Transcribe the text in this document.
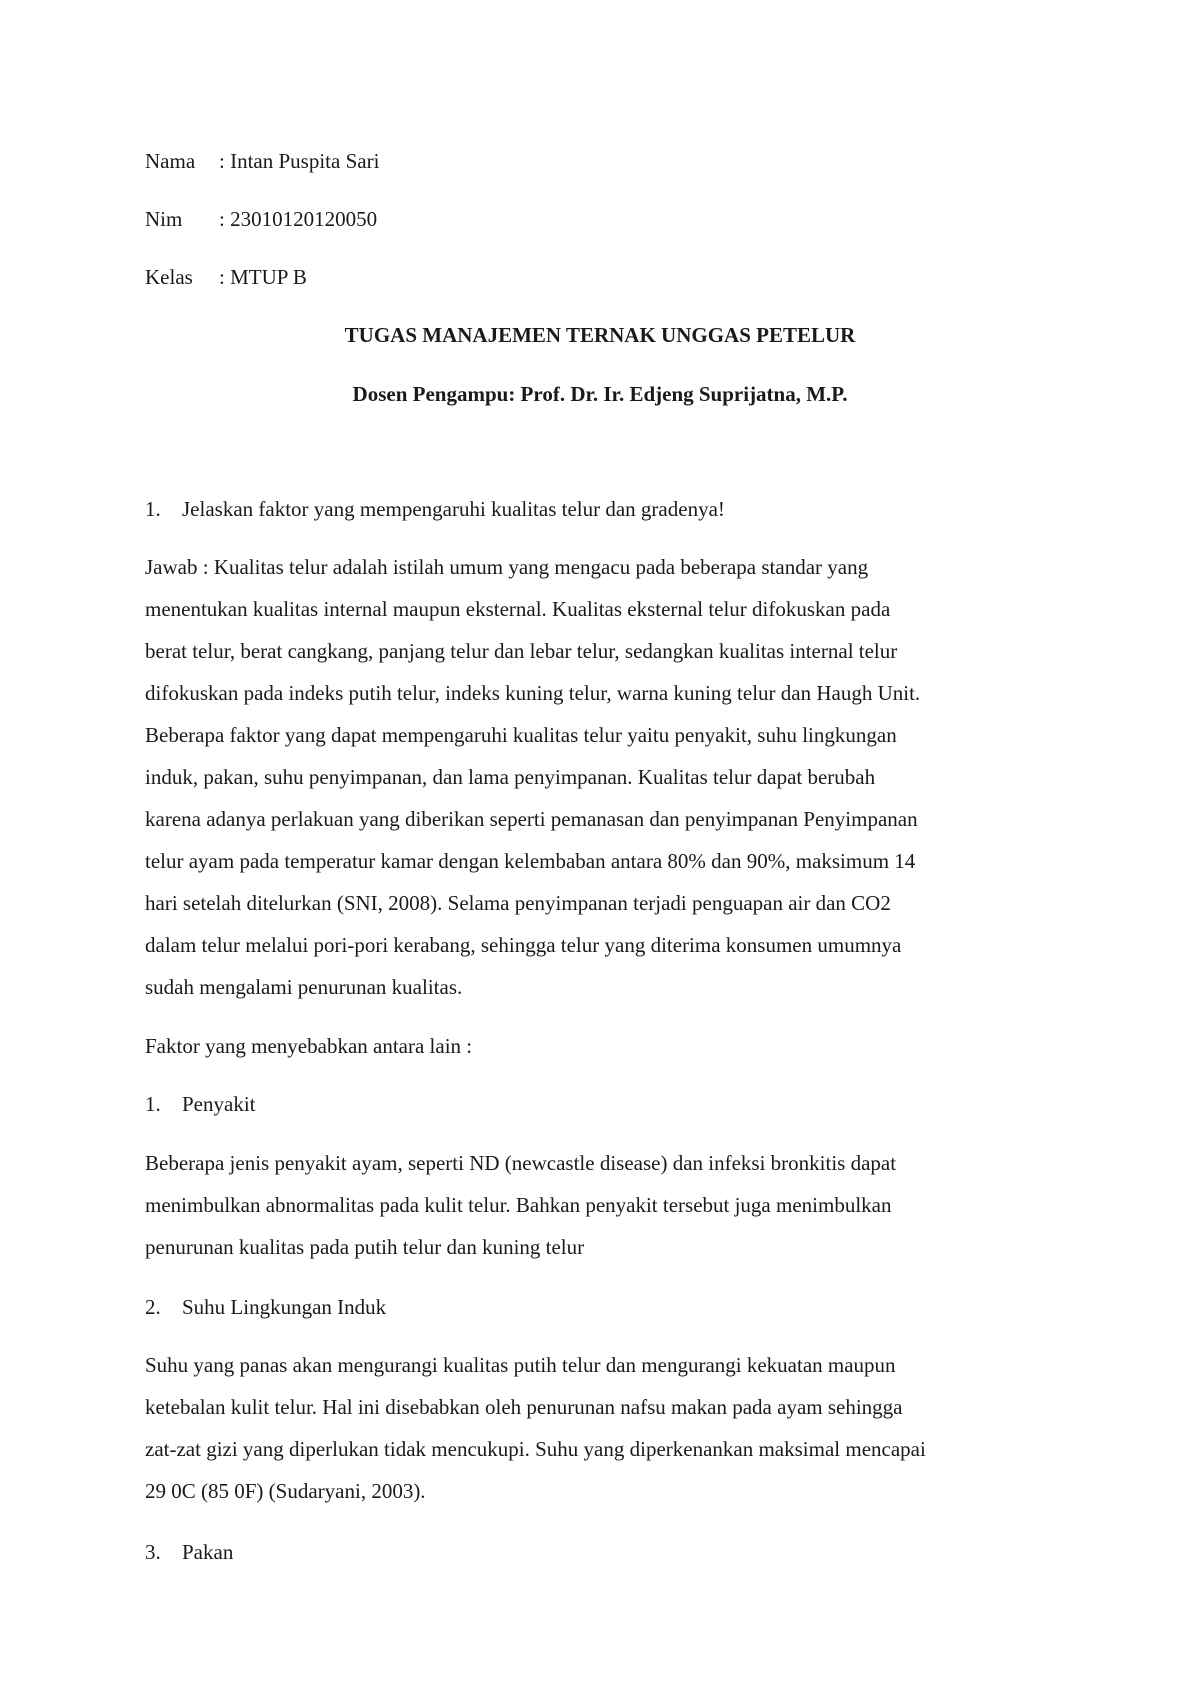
Nama : Intan Puspita Sari
Nim : 23010120120050
Kelas : MTUP B
TUGAS MANAJEMEN TERNAK UNGGAS PETELUR
Dosen Pengampu: Prof. Dr. Ir. Edjeng Suprijatna, M.P.
1. Jelaskan faktor yang mempengaruhi kualitas telur dan gradenya!
Jawab : Kualitas telur adalah istilah umum yang mengacu pada beberapa standar yang
menentukan kualitas internal maupun eksternal. Kualitas eksternal telur difokuskan pada
berat telur, berat cangkang, panjang telur dan lebar telur, sedangkan kualitas internal telur
difokuskan pada indeks putih telur, indeks kuning telur, warna kuning telur dan Haugh Unit.
Beberapa faktor yang dapat mempengaruhi kualitas telur yaitu penyakit, suhu lingkungan
induk, pakan, suhu penyimpanan, dan lama penyimpanan. Kualitas telur dapat berubah
karena adanya perlakuan yang diberikan seperti pemanasan dan penyimpanan Penyimpanan
telur ayam pada temperatur kamar dengan kelembaban antara 80% dan 90%, maksimum 14
hari setelah ditelurkan (SNI, 2008). Selama penyimpanan terjadi penguapan air dan CO2
dalam telur melalui pori-pori kerabang, sehingga telur yang diterima konsumen umumnya
sudah mengalami penurunan kualitas.
Faktor yang menyebabkan antara lain :
1. Penyakit
Beberapa jenis penyakit ayam, seperti ND (newcastle disease) dan infeksi bronkitis dapat
menimbulkan abnormalitas pada kulit telur. Bahkan penyakit tersebut juga menimbulkan
penurunan kualitas pada putih telur dan kuning telur
2. Suhu Lingkungan Induk
Suhu yang panas akan mengurangi kualitas putih telur dan mengurangi kekuatan maupun
ketebalan kulit telur. Hal ini disebabkan oleh penurunan nafsu makan pada ayam sehingga
zat-zat gizi yang diperlukan tidak mencukupi. Suhu yang diperkenankan maksimal mencapai
29 0C (85 0F) (Sudaryani, 2003).
3. Pakan
